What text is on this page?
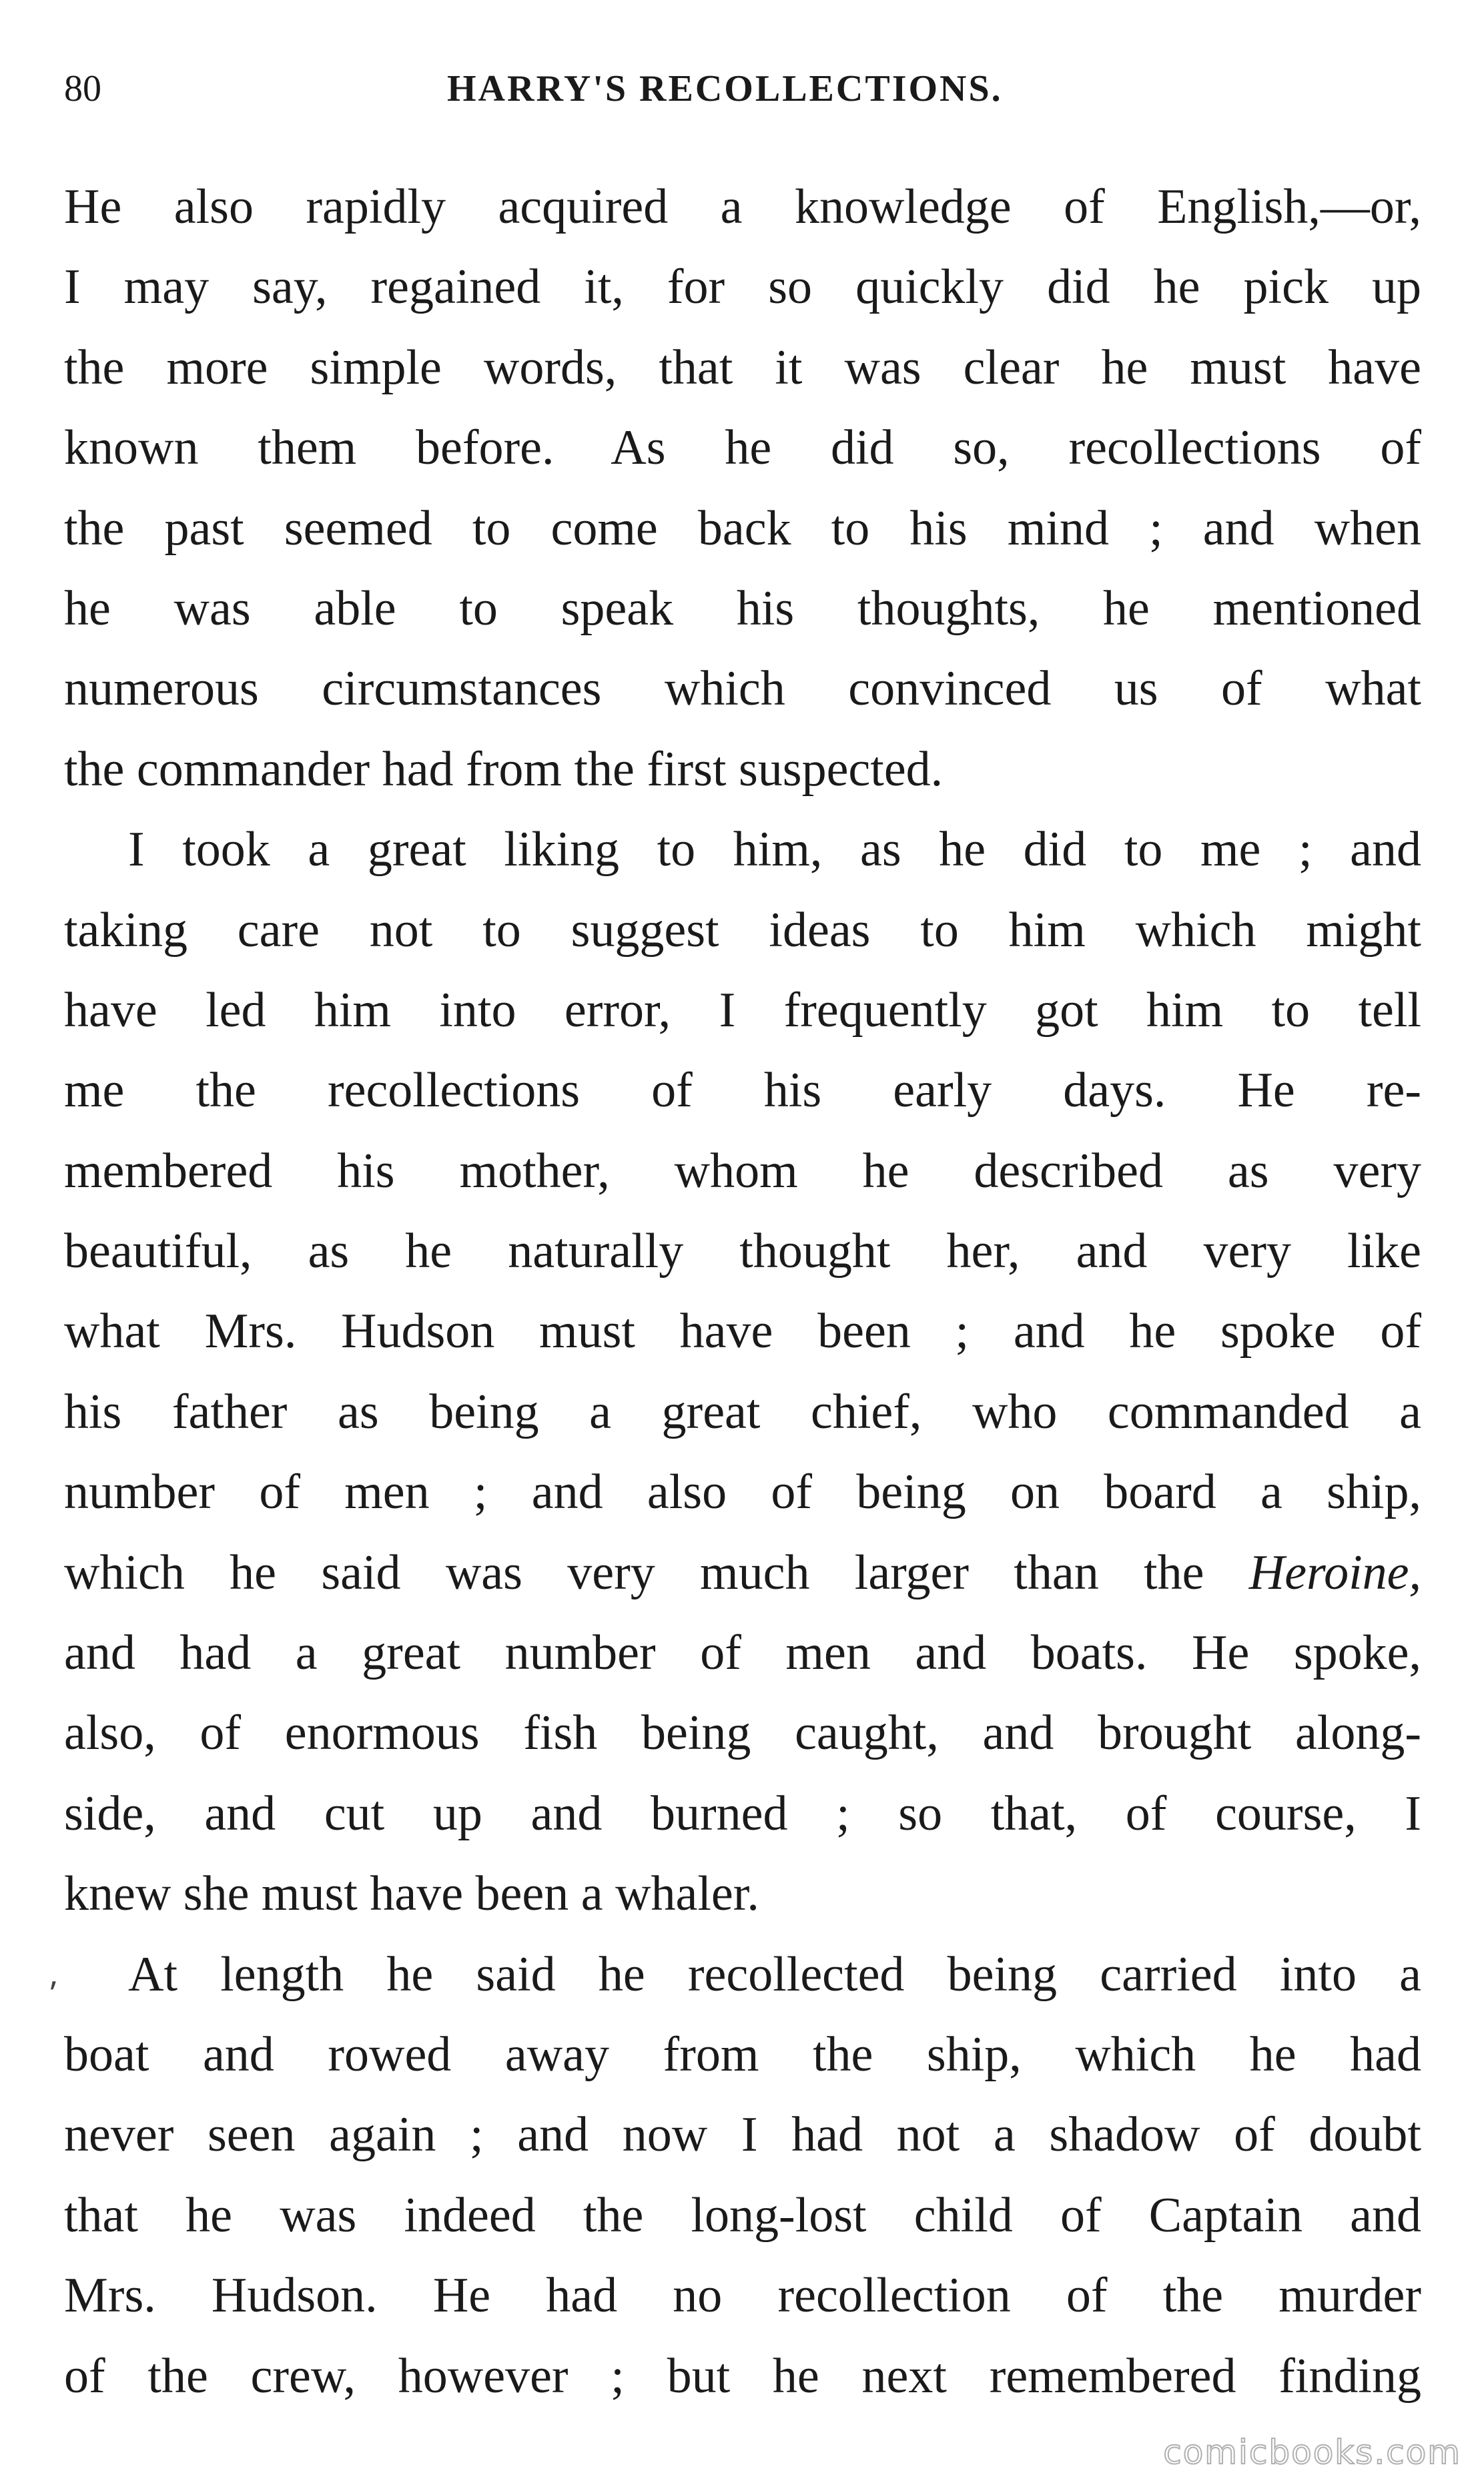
80	HARRY'S RECOLLECTIONS.

He also rapidly acquired a knowledge of English,—or,
I may say, regained it, for so quickly did he pick up
the more simple words, that it was clear he must have
known them before. As he did so, recollections of
the past seemed to come back to his mind ; and when
he was able to speak his thoughts, he mentioned
numerous circumstances which convinced us of what
the commander had from the first suspected.

I took a great liking to him, as he did to me ; and
taking care not to suggest ideas to him which might
have led him into error, I frequently got him to tell
me the recollections of his early days. He re-
membered his mother, whom he described as very
beautiful, as he naturally thought her, and very like
what Mrs. Hudson must have been ; and he spoke of
his father as being a great chief, who commanded a
number of men ; and also of being on board a ship,
which he said was very much larger than the Heroine,
and had a great number of men and boats. He spoke,
also, of enormous fish being caught, and brought along-
side, and cut up and burned ; so that, of course, I
knew she must have been a whaler.

At length he said he recollected being carried into a
boat and rowed away from the ship, which he had
never seen again ; and now I had not a shadow of doubt
that he was indeed the long-lost child of Captain and
Mrs. Hudson. He had no recollection of the murder
of the crew, however ; but he next remembered finding

⸴
comicbooks.com
